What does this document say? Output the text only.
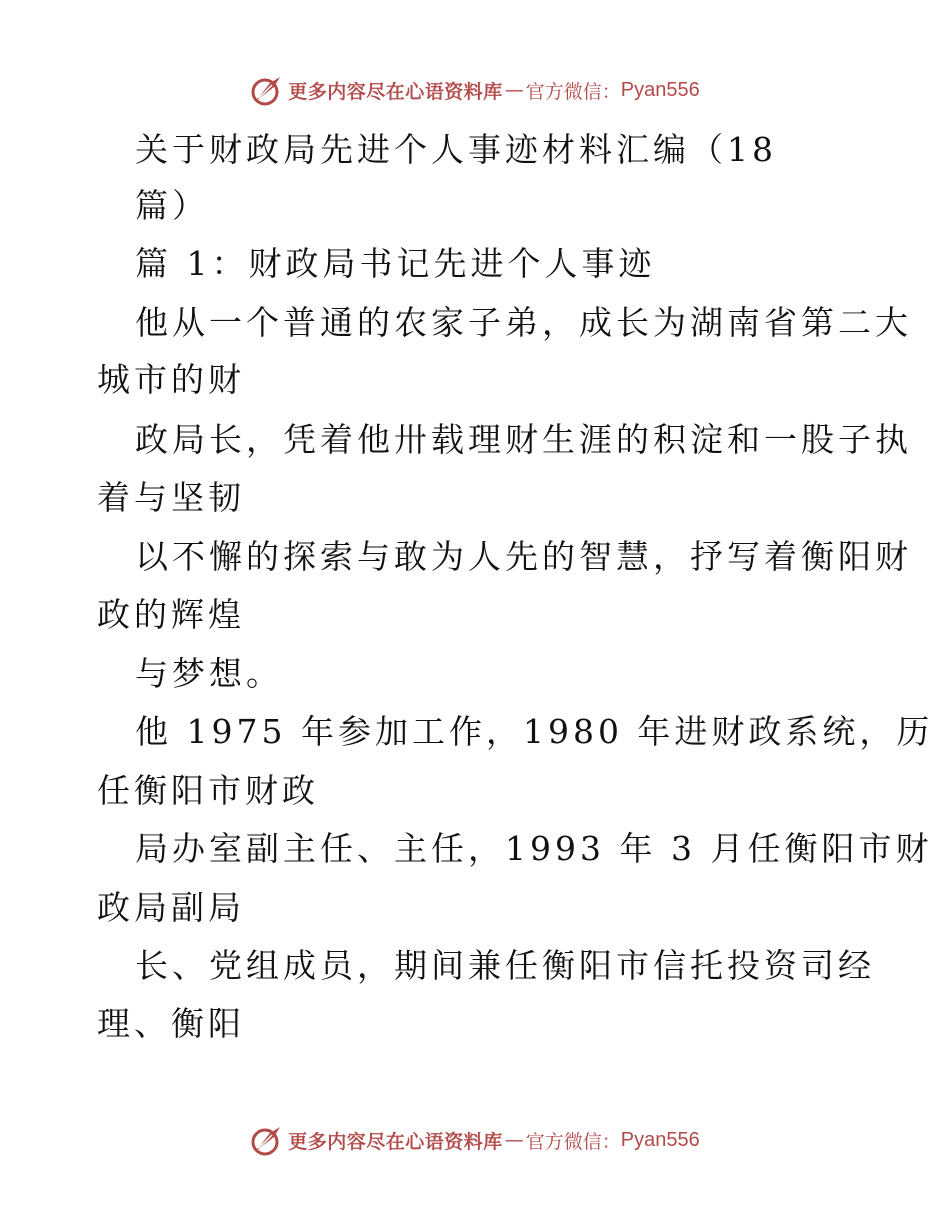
更多内容尽在心语资料库 — 官方微信： Pyan556
关于财政局先进个人事迹材料汇编（18
篇）
篇 1：财政局书记先进个人事迹
他从一个普通的农家子弟，成长为湖南省第二大
城市的财
政局长，凭着他卅载理财生涯的积淀和一股子执
着与坚韧
以不懈的探索与敢为人先的智慧，抒写着衡阳财
政的辉煌
与梦想。
他 1975 年参加工作，1980 年进财政系统，历
任衡阳市财政
局办室副主任、主任，1993 年 3 月任衡阳市财
政局副局
长、党组成员，期间兼任衡阳市信托投资司经
理、衡阳
更多内容尽在心语资料库 — 官方微信： Pyan556
